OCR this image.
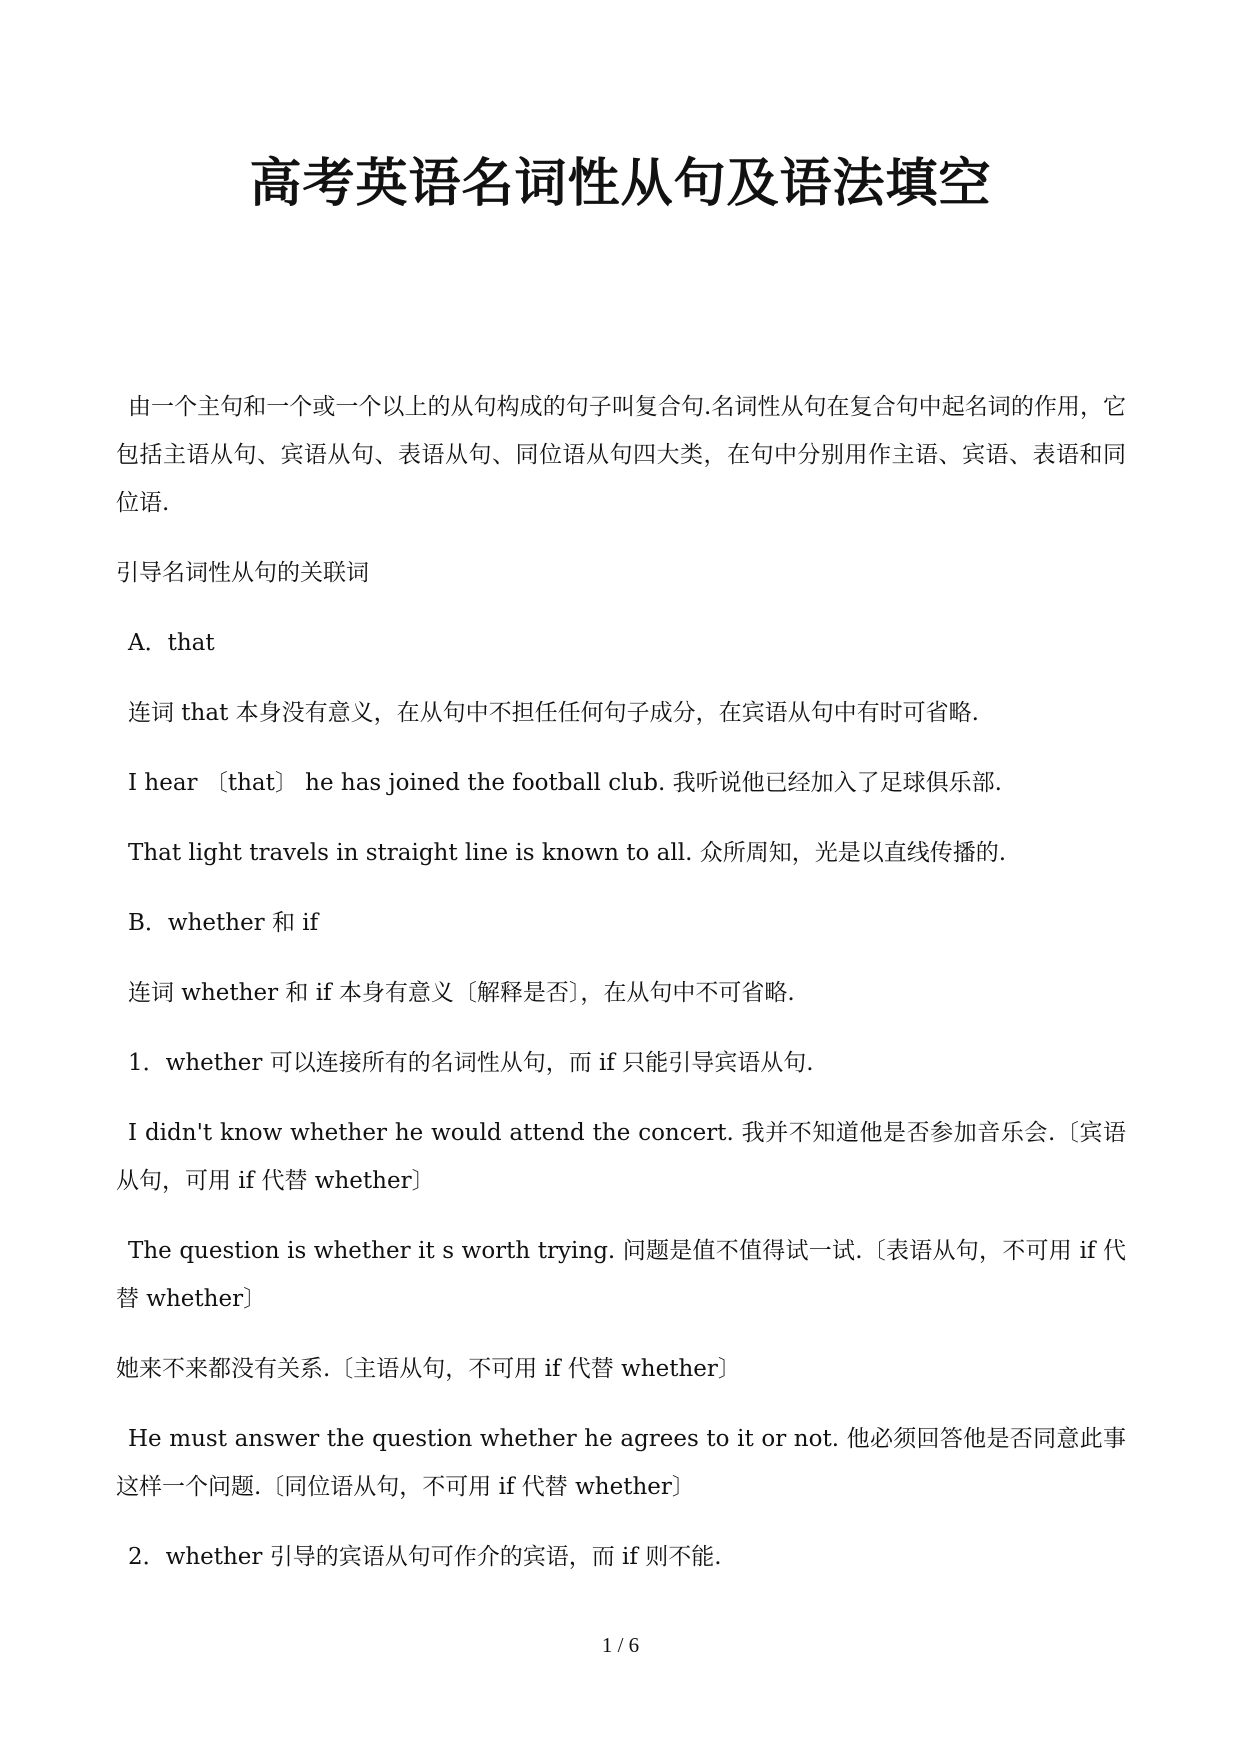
高考英语名词性从句及语法填空

由一个主句和一个或一个以上的从句构成的句子叫复合句.名词性从句在复合句中起名词的作用，它包括主语从句、宾语从句、表语从句、同位语从句四大类，在句中分别用作主语、宾语、表语和同位语.

引导名词性从句的关联词

A．that

连词 that 本身没有意义，在从句中不担任任何句子成分，在宾语从句中有时可省略.

I hear 〔that〕 he has joined the football club. 我听说他已经加入了足球俱乐部.

That light travels in straight line is known to all. 众所周知，光是以直线传播的.

B．whether 和 if

连词 whether 和 if 本身有意义〔解释是否〕，在从句中不可省略.

1．whether 可以连接所有的名词性从句，而 if 只能引导宾语从句.

I didn't know whether he would attend the concert. 我并不知道他是否参加音乐会.〔宾语从句，可用 if 代替 whether〕

The question is whether it s worth trying. 问题是值不值得试一试.〔表语从句，不可用 if 代替 whether〕

她来不来都没有关系.〔主语从句，不可用 if 代替 whether〕

He must answer the question whether he agrees to it or not. 他必须回答他是否同意此事这样一个问题.〔同位语从句，不可用 if 代替 whether〕

2．whether 引导的宾语从句可作介的宾语，而 if 则不能.

1 / 6
